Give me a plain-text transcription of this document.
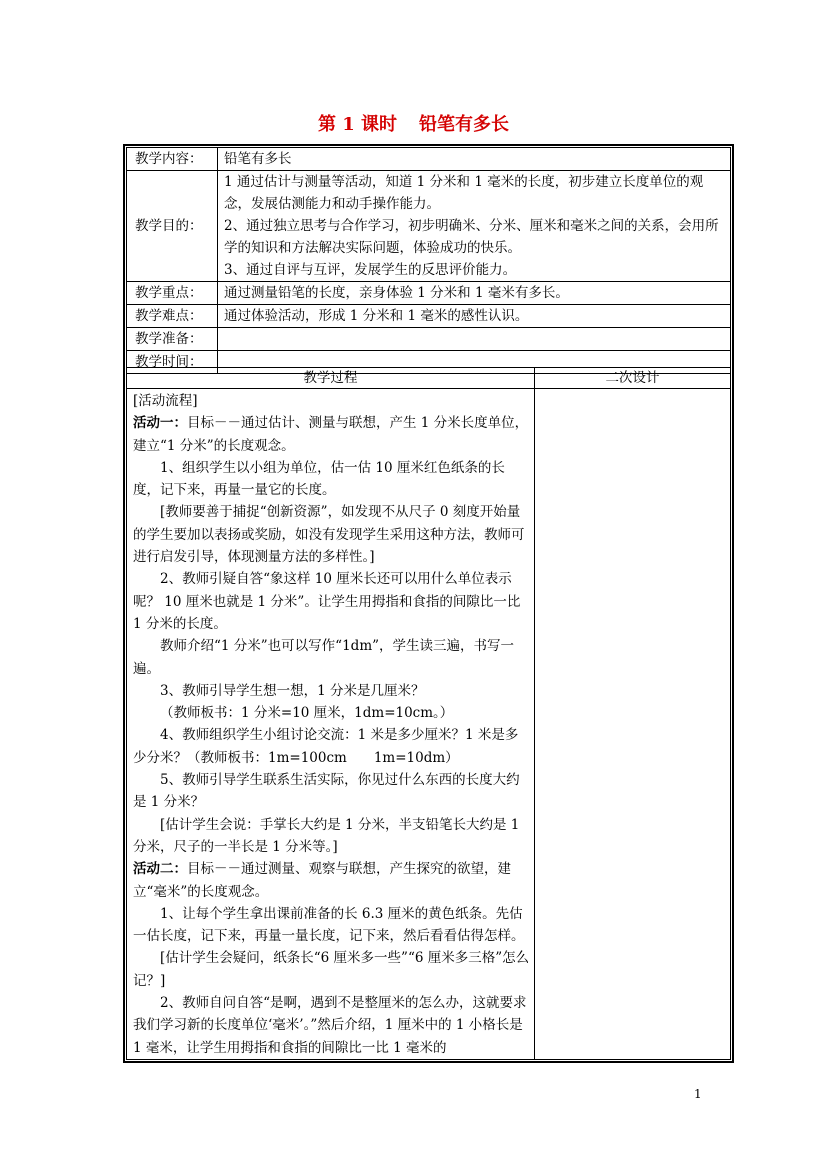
第 1 课时 铅笔有多长
教学内容：	铅笔有多长
教学目的：	1 通过估计与测量等活动，知道 1 分米和 1 毫米的长度，初步建立长度单位的观念，发展估测能力和动手操作能力。

2、通过独立思考与合作学习，初步明确米、分米、厘米和毫米之间的关系，会用所学的知识和方法解决实际问题，体验成功的快乐。

3、通过自评与互评，发展学生的反思评价能力。

教学重点：	通过测量铅笔的长度，亲身体验 1 分米和 1 毫米有多长。
教学难点：	通过体验活动，形成 1 分米和 1 毫米的感性认识。
教学准备：	
教学时间：	
教学过程	二次设计

[活动流程]

活动一：目标－－通过估计、测量与联想，产生 1 分米长度单位，建立“1 分米”的长度观念。

1、组织学生以小组为单位，估一估 10 厘米红色纸条的长度，记下来，再量一量它的长度。

[教师要善于捕捉“创新资源”，如发现不从尺子 0 刻度开始量的学生要加以表扬或奖励，如没有发现学生采用这种方法，教师可进行启发引导，体现测量方法的多样性。]

2、教师引疑自答“象这样 10 厘米长还可以用什么单位表示呢？ 10 厘米也就是 1 分米”。让学生用拇指和食指的间隙比一比 1 分米的长度。

教师介绍“1 分米”也可以写作“1dm”，学生读三遍，书写一遍。

3、教师引导学生想一想，1 分米是几厘米？

（教师板书：1 分米=10 厘米，1dm=10cm。）

4、教师组织学生小组讨论交流：1 米是多少厘米？1 米是多少分米？（教师板书：1m=100cm　　1m=10dm）

5、教师引导学生联系生活实际，你见过什么东西的长度大约是 1 分米？

[估计学生会说：手掌长大约是 1 分米，半支铅笔长大约是 1 分米，尺子的一半长是 1 分米等。]

活动二：目标－－通过测量、观察与联想，产生探究的欲望，建立“毫米”的长度观念。

1、让每个学生拿出课前准备的长 6.3 厘米的黄色纸条。先估一估长度，记下来，再量一量长度，记下来，然后看看估得怎样。

[估计学生会疑问，纸条长“6 厘米多一些”“6 厘米多三格”怎么记？]

2、教师自问自答“是啊，遇到不是整厘米的怎么办，这就要求我们学习新的长度单位‘毫米’。”然后介绍，1 厘米中的 1 小格长是 1 毫米，让学生用拇指和食指的间隙比一比 1 毫米的

1
